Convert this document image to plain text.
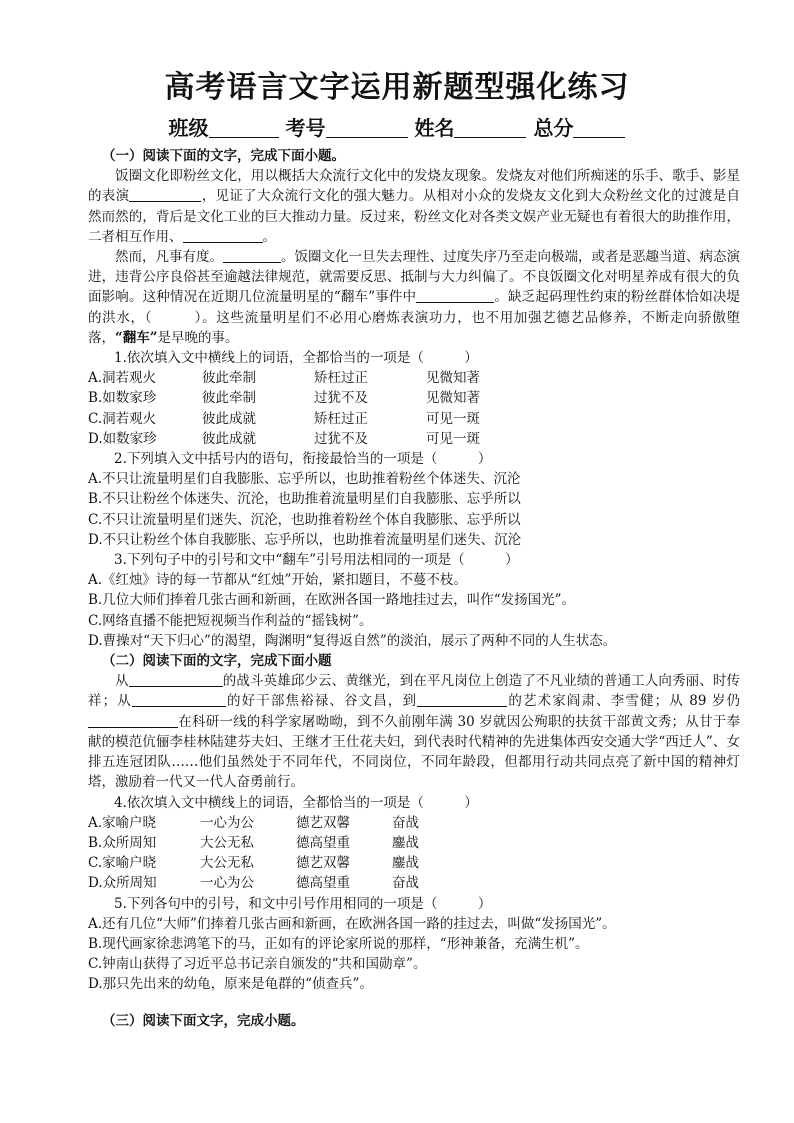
高考语言文字运用新题型强化练习
班级	考号	姓名	总分

（一）阅读下面的文字，完成下面小题。

饭圈文化即粉丝文化，用以概括大众流行文化中的发烧友现象。发烧友对他们所痴迷的乐手、歌手、影星的表演	，见证了大众流行文化的强大魅力。从相对小众的发烧友文化到大众粉丝文化的过渡是自然而然的，背后是文化工业的巨大推动力量。反过来，粉丝文化对各类文娱产业无疑也有着很大的助推作用，二者相互作用、	。

然而，凡事有度。	。饭圈文化一旦失去理性、过度失序乃至走向极端，或者是恶趣当道、病态演进，违背公序良俗甚至逾越法律规范，就需要反思、抵制与大力纠偏了。不良饭圈文化对明星养成有很大的负面影响。这种情况在近期几位流量明星的“翻车”事件中	。缺乏起码理性约束的粉丝群体恰如决堤的洪水，（　　　）。这些流量明星们不必用心磨炼表演功力，也不用加强艺德艺品修养，不断走向骄傲堕落，“翻车”是早晚的事。

1.依次填入文中横线上的词语，全都恰当的一项是（　　　）

A.洞若观火	彼此牵制	矫枉过正	见微知著

B.如数家珍	彼此牵制	过犹不及	见微知著

C.洞若观火	彼此成就	矫枉过正	可见一斑

D.如数家珍	彼此成就	过犹不及	可见一斑

2.下列填入文中括号内的语句，衔接最恰当的一项是（　　　）

A.不只让流量明星们自我膨胀、忘乎所以，也助推着粉丝个体迷失、沉沦

B.不只让粉丝个体迷失、沉沦，也助推着流量明星们自我膨胀、忘乎所以

C.不只让流量明星们迷失、沉沦，也助推着粉丝个体自我膨胀、忘乎所以

D.不只让粉丝个体自我膨胀、忘乎所以，也助推着流量明星们迷失、沉沦

3.下列句子中的引号和文中“翻车”引号用法相同的一项是（　　　）

A.《红烛》诗的每一节都从“红烛”开始，紧扣题目，不蔓不枝。

B.几位大师们捧着几张古画和新画，在欧洲各国一路地挂过去，叫作“发扬国光”。

C.网络直播不能把短视频当作利益的“摇钱树”。

D.曹操对“天下归心”的渴望，陶渊明“复得返自然”的淡泊，展示了两种不同的人生状态。

（二）阅读下面的文字，完成下面小题

从	的战斗英雄邱少云、黄继光，到在平凡岗位上创造了不凡业绩的普通工人向秀丽、时传祥；从	的好干部焦裕禄、谷文昌，到	的艺术家阎肃、李雪健；从 89 岁仍在科研一线的科学家屠呦呦，到不久前刚年满 30 岁就因公殉职的扶贫干部黄文秀；从甘于奉献的模范伉俪李桂林陆建芬夫妇、王继才王仕花夫妇，到代表时代精神的先进集体西安交通大学“西迁人”、女排五连冠团队……他们虽然处于不同年代，不同岗位，不同年龄段，但都用行动共同点亮了新中国的精神灯塔，激励着一代又一代人奋勇前行。

4.依次填入文中横线上的词语，全都恰当的一项是（　　　）

A.家喻户晓	一心为公	德艺双馨	奋战

B.众所周知	大公无私	德高望重	鏖战

C.家喻户晓	大公无私	德艺双馨	鏖战

D.众所周知	一心为公	德高望重	奋战

5.下列各句中的引号，和文中引号作用相同的一项是（　　　）

A.还有几位“大师”们捧着几张古画和新画，在欧洲各国一路的挂过去，叫做“发扬国光”。

B.现代画家徐悲鸿笔下的马，正如有的评论家所说的那样，“形神兼备，充满生机”。

C.钟南山获得了习近平总书记亲自颁发的“共和国勋章”。

D.那只先出来的幼龟，原来是龟群的“侦查兵”。

（三）阅读下面文字，完成小题。
